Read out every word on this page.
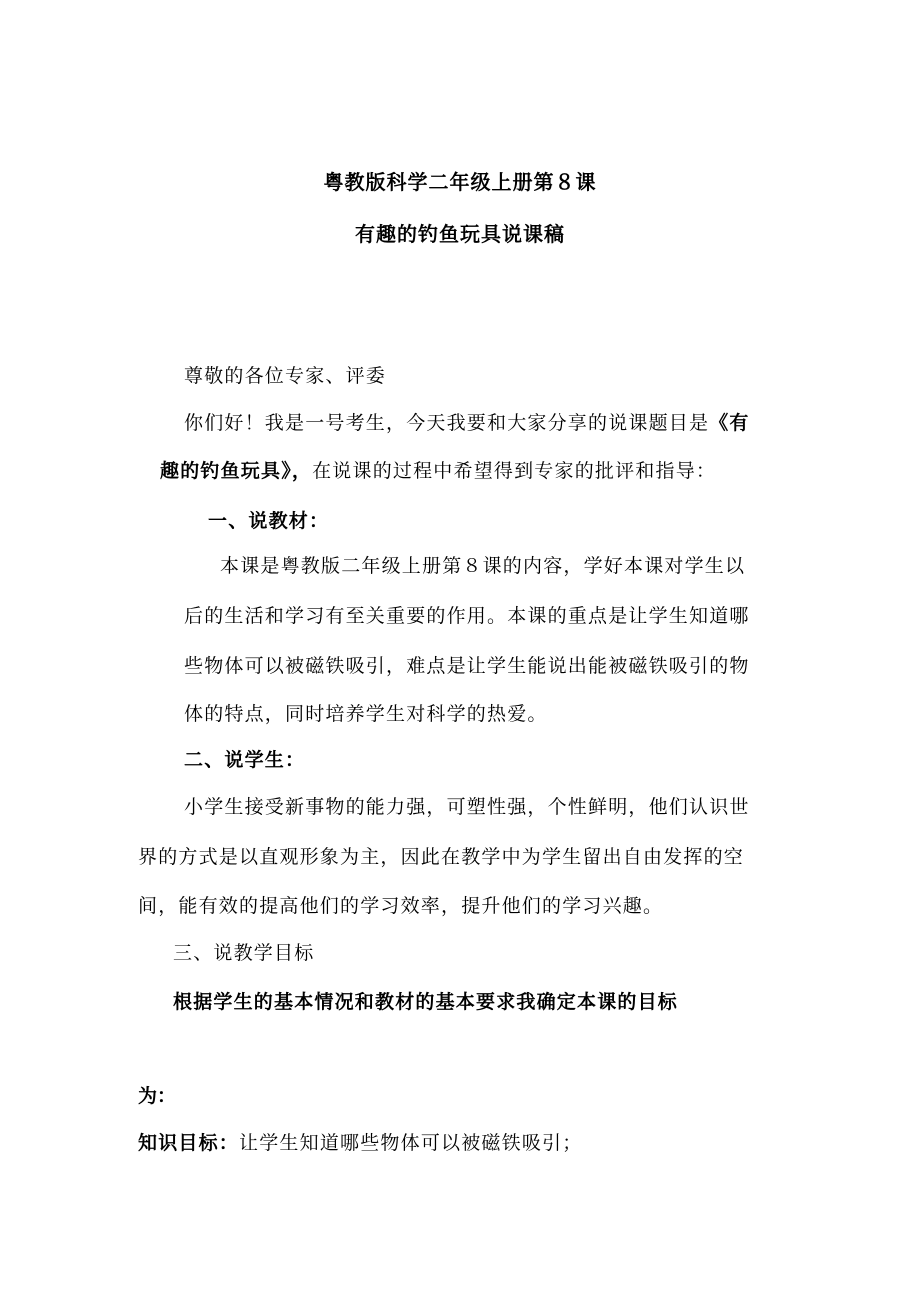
粤教版科学二年级上册第８课
有趣的钓鱼玩具说课稿
尊敬的各位专家、评委
你们好！我是一号考生，今天我要和大家分享的说课题目是《有
趣的钓鱼玩具》，在说课的过程中希望得到专家的批评和指导：
一、说教材：
本课是粤教版二年级上册第８课的内容，学好本课对学生以
后的生活和学习有至关重要的作用。本课的重点是让学生知道哪
些物体可以被磁铁吸引，难点是让学生能说出能被磁铁吸引的物
体的特点，同时培养学生对科学的热爱。
二、说学生：
小学生接受新事物的能力强，可塑性强，个性鲜明，他们认识世
界的方式是以直观形象为主，因此在教学中为学生留出自由发挥的空
间，能有效的提高他们的学习效率，提升他们的学习兴趣。
三、说教学目标
根据学生的基本情况和教材的基本要求我确定本课的目标
为：
知识目标：让学生知道哪些物体可以被磁铁吸引；
